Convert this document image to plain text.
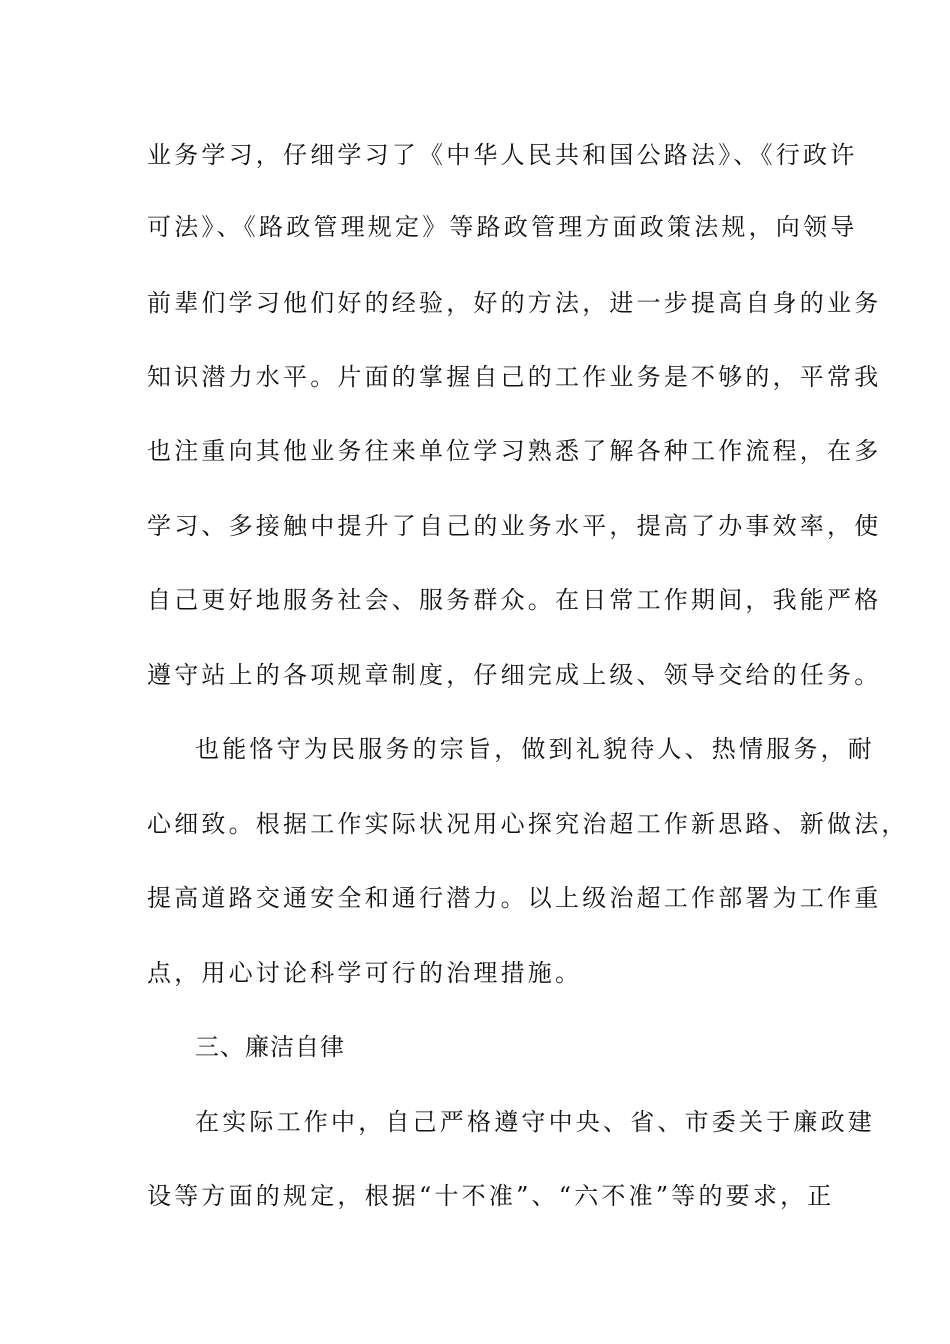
业务学习，仔细学习了《中华人民共和国公路法》、《行政许
可法》、《路政管理规定》等路政管理方面政策法规，向领导
前辈们学习他们好的经验，好的方法，进一步提高自身的业务
知识潜力水平。片面的掌握自己的工作业务是不够的，平常我
也注重向其他业务往来单位学习熟悉了解各种工作流程，在多
学习、多接触中提升了自己的业务水平，提高了办事效率，使
自己更好地服务社会、服务群众。在日常工作期间，我能严格
遵守站上的各项规章制度，仔细完成上级、领导交给的任务。
也能恪守为民服务的宗旨，做到礼貌待人、热情服务，耐
心细致。根据工作实际状况用心探究治超工作新思路、新做法，
提高道路交通安全和通行潜力。以上级治超工作部署为工作重
点，用心讨论科学可行的治理措施。
三、廉洁自律
在实际工作中，自己严格遵守中央、省、市委关于廉政建
设等方面的规定，根据“十不准”、“六不准”等的要求，正
